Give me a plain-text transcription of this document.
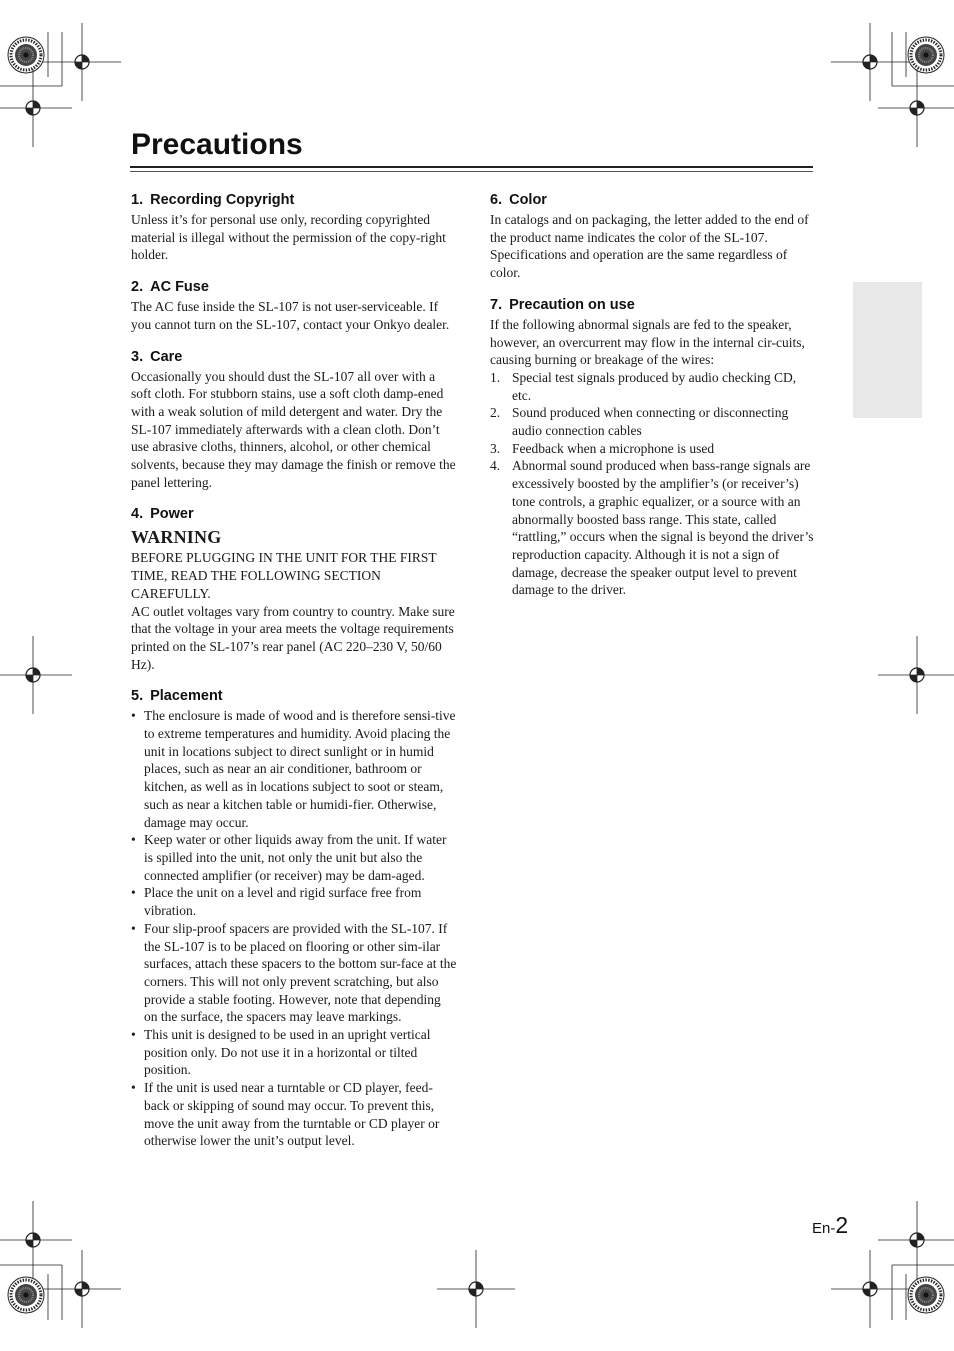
Precautions
1. Recording Copyright

Unless it’s for personal use only, recording copyrighted material is illegal without the permission of the copy-right holder.

2. AC Fuse

The AC fuse inside the SL-107 is not user-serviceable. If you cannot turn on the SL-107, contact your Onkyo dealer.

3. Care

Occasionally you should dust the SL-107 all over with a soft cloth. For stubborn stains, use a soft cloth damp-ened with a weak solution of mild detergent and water. Dry the SL-107 immediately afterwards with a clean cloth. Don’t use abrasive cloths, thinners, alcohol, or other chemical solvents, because they may damage the finish or remove the panel lettering.

4. Power
WARNING

BEFORE PLUGGING IN THE UNIT FOR THE FIRST TIME, READ THE FOLLOWING SECTION CAREFULLY.

AC outlet voltages vary from country to country. Make sure that the voltage in your area meets the voltage requirements printed on the SL-107’s rear panel (AC 220–230 V, 50/60 Hz).

5. Placement
• The enclosure is made of wood and is therefore sensi-tive to extreme temperatures and humidity. Avoid placing the unit in locations subject to direct sunlight or in humid places, such as near an air conditioner, bathroom or kitchen, as well as in locations subject to soot or steam, such as near a kitchen table or humidi-fier. Otherwise, damage may occur.
• Keep water or other liquids away from the unit. If water is spilled into the unit, not only the unit but also the connected amplifier (or receiver) may be dam-aged.
• Place the unit on a level and rigid surface free from vibration.
• Four slip-proof spacers are provided with the SL-107. If the SL-107 is to be placed on flooring or other sim-ilar surfaces, attach these spacers to the bottom sur-face at the corners. This will not only prevent scratching, but also provide a stable footing. However, note that depending on the surface, the spacers may leave markings.
• This unit is designed to be used in an upright vertical position only. Do not use it in a horizontal or tilted position.
• If the unit is used near a turntable or CD player, feed-back or skipping of sound may occur. To prevent this, move the unit away from the turntable or CD player or otherwise lower the unit’s output level.
6. Color

In catalogs and on packaging, the letter added to the end of the product name indicates the color of the SL-107. Specifications and operation are the same regardless of color.

7. Precaution on use

If the following abnormal signals are fed to the speaker, however, an overcurrent may flow in the internal cir-cuits, causing burning or breakage of the wires:

1. Special test signals produced by audio checking CD, etc.
2. Sound produced when connecting or disconnecting audio connection cables
3. Feedback when a microphone is used
4. Abnormal sound produced when bass-range signals are excessively boosted by the amplifier’s (or receiver’s) tone controls, a graphic equalizer, or a source with an abnormally boosted bass range. This state, called “rattling,” occurs when the signal is beyond the driver’s reproduction capacity. Although it is not a sign of damage, decrease the speaker output level to prevent damage to the driver.
En-2
